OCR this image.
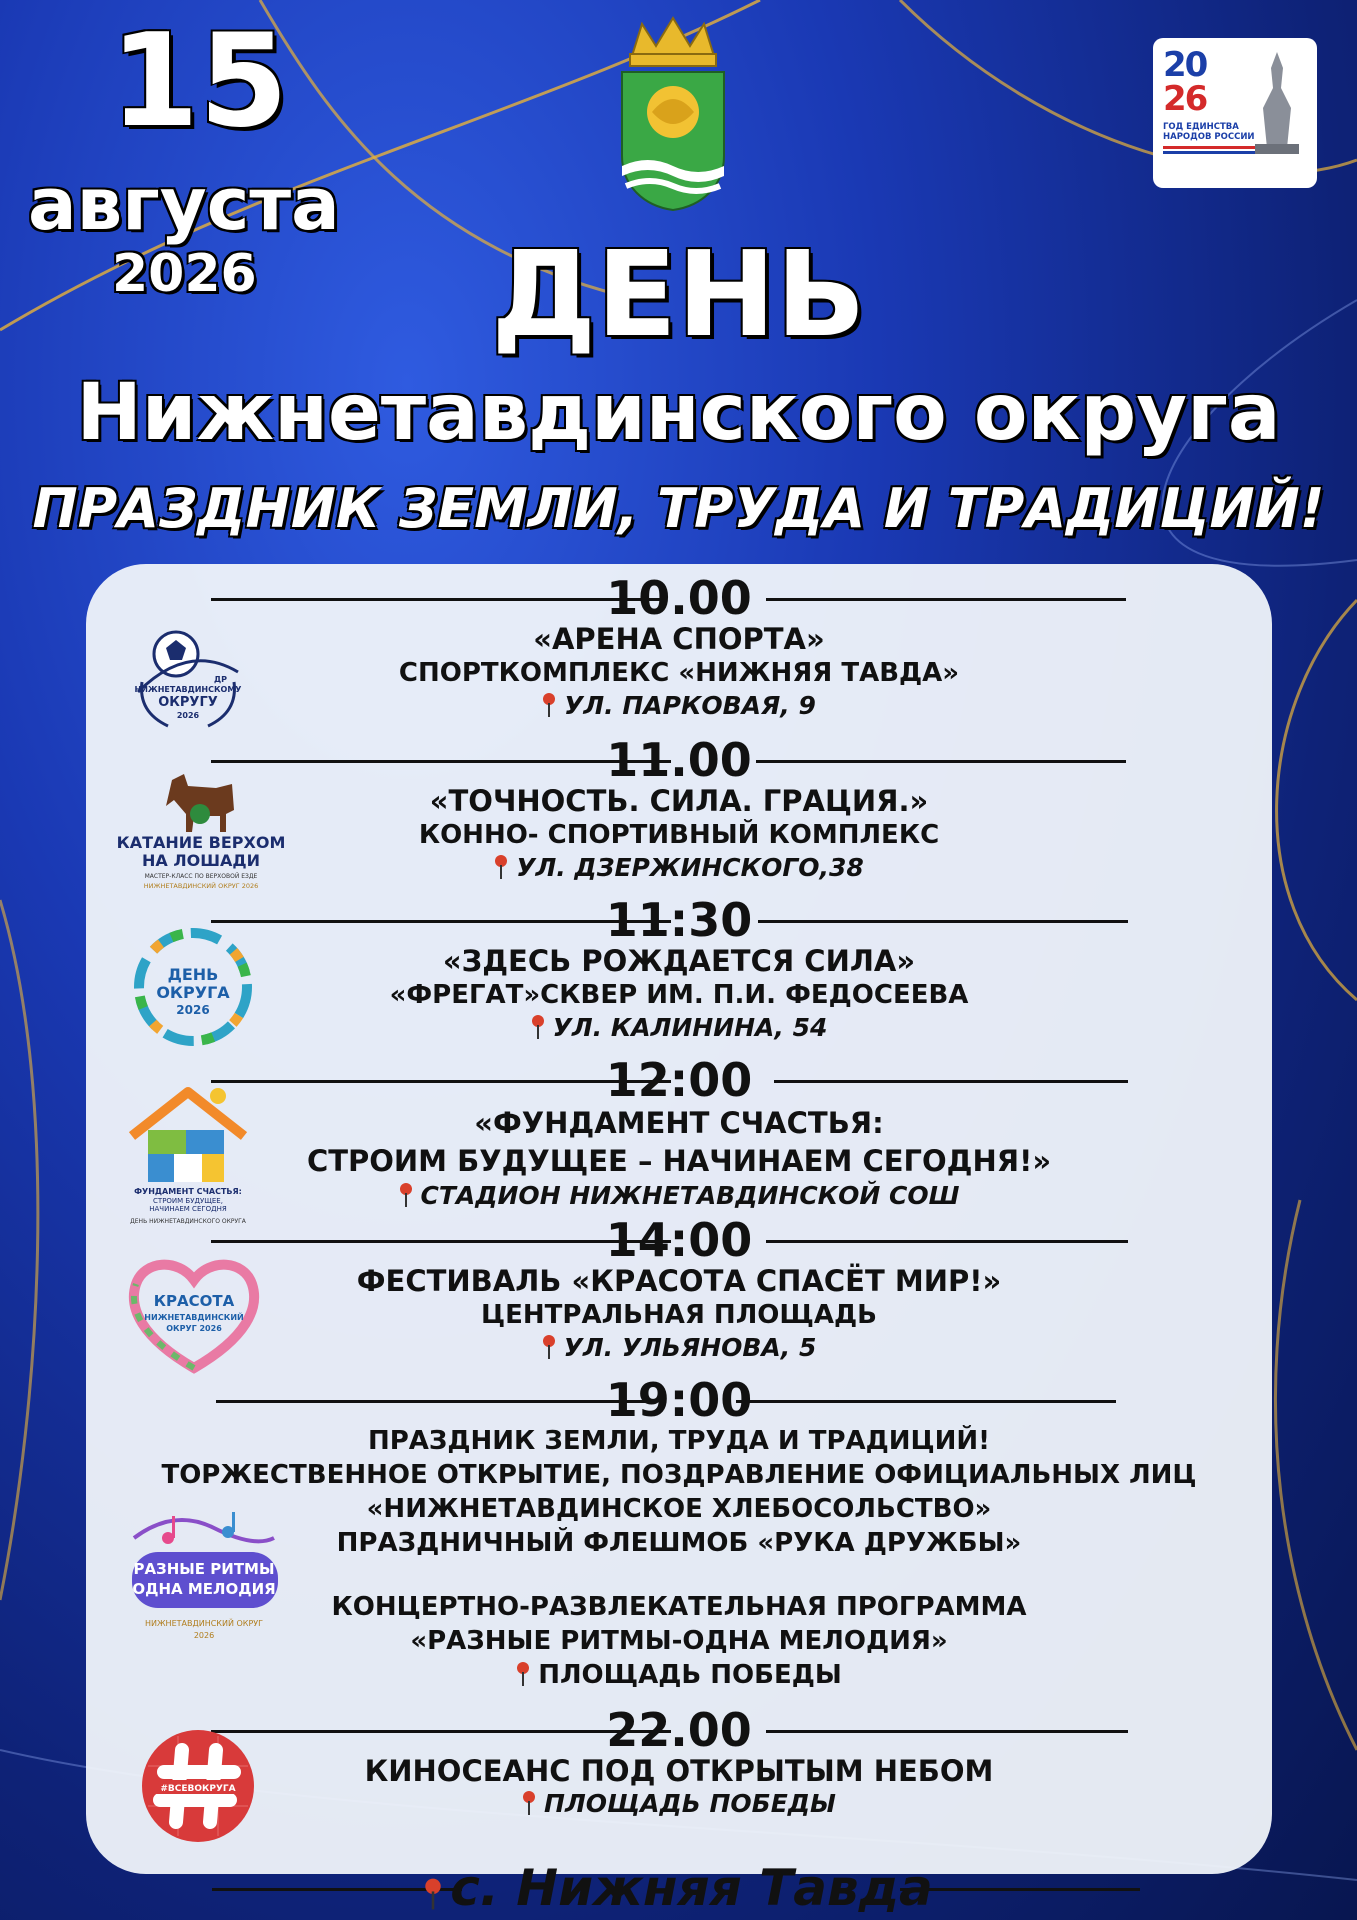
15
августа
2026
20
26
ГОД ЕДИНСТВА НАРОДОВ РОССИИ
ДЕНЬ
Нижнетавдинского округа
ПРАЗДНИК ЗЕМЛИ, ТРУДА И ТРАДИЦИЙ!
10.00
«АРЕНА СПОРТА»
СПОРТКОМПЛЕКС «НИЖНЯЯ ТАВДА»
УЛ. ПАРКОВАЯ, 9
11.00
«ТОЧНОСТЬ. СИЛА. ГРАЦИЯ.»
КОННО- СПОРТИВНЫЙ КОМПЛЕКС
УЛ. ДЗЕРЖИНСКОГО,38
11:30
«ЗДЕСЬ РОЖДАЕТСЯ СИЛА»
«ФРЕГАТ»СКВЕР ИМ. П.И. ФЕДОСЕЕВА
УЛ. КАЛИНИНА, 54
12:00
«ФУНДАМЕНТ СЧАСТЬЯ:
СТРОИМ БУДУЩЕЕ – НАЧИНАЕМ СЕГОДНЯ!»
СТАДИОН НИЖНЕТАВДИНСКОЙ СОШ
14:00
ФЕСТИВАЛЬ «КРАСОТА СПАСЁТ МИР!»
ЦЕНТРАЛЬНАЯ ПЛОЩАДЬ
УЛ. УЛЬЯНОВА, 5
19:00
ПРАЗДНИК ЗЕМЛИ, ТРУДА И ТРАДИЦИЙ!
ТОРЖЕСТВЕННОЕ ОТКРЫТИЕ, ПОЗДРАВЛЕНИЕ ОФИЦИАЛЬНЫХ ЛИЦ
«НИЖНЕТАВДИНСКОЕ ХЛЕБОСОЛЬСТВО»
ПРАЗДНИЧНЫЙ ФЛЕШМОБ «РУКА ДРУЖБЫ»
КОНЦЕРТНО-РАЗВЛЕКАТЕЛЬНАЯ ПРОГРАММА
«РАЗНЫЕ РИТМЫ-ОДНА МЕЛОДИЯ»
ПЛОЩАДЬ ПОБЕДЫ
22.00
КИНОСЕАНС ПОД ОТКРЫТЫМ НЕБОМ
ПЛОЩАДЬ ПОБЕДЫ
ДР
НИЖНЕТАВДИНСКОМУ
ОКРУГУ
2026
КАТАНИЕ ВЕРХОМ
НА ЛОШАДИ
МАСТЕР-КЛАСС ПО ВЕРХОВОЙ ЕЗДЕ
НИЖНЕТАВДИНСКИЙ ОКРУГ 2026
ДЕНЬ
ОКРУГА
2026
ФУНДАМЕНТ СЧАСТЬЯ:
СТРОИМ БУДУЩЕЕ,
НАЧИНАЕМ СЕГОДНЯ
ДЕНЬ НИЖНЕТАВДИНСКОГО ОКРУГА
КРАСОТА
НИЖНЕТАВДИНСКИЙ
ОКРУГ 2026
РАЗНЫЕ РИТМЫ
ОДНА МЕЛОДИЯ
НИЖНЕТАВДИНСКИЙ ОКРУГ
2026
#ВСЕВОКРУГА
с. Нижняя Тавда
